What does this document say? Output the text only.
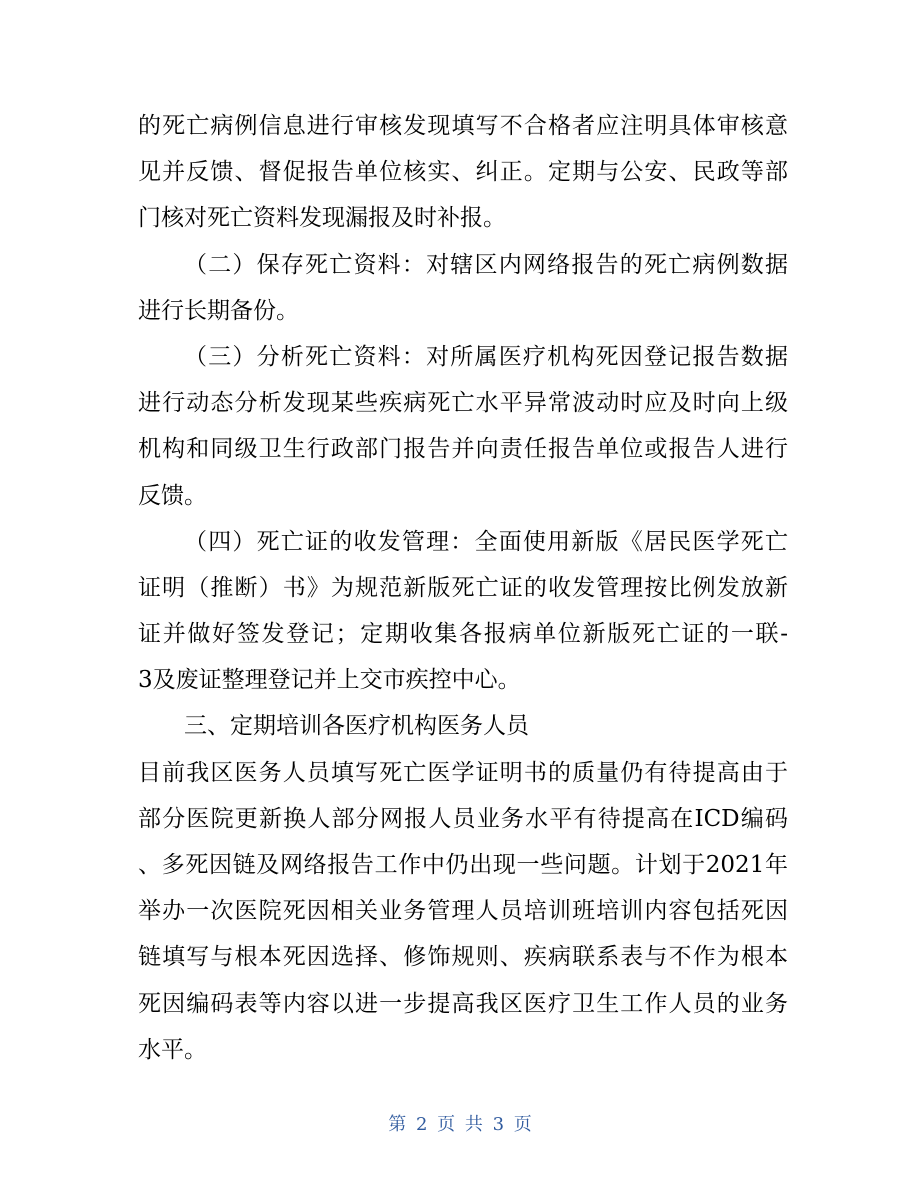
的死亡病例信息进行审核发现填写不合格者应注明具体审核意
见并反馈、督促报告单位核实、纠正。定期与公安、民政等部
门核对死亡资料发现漏报及时补报。
（二）保存死亡资料：对辖区内网络报告的死亡病例数据
进行长期备份。
（三）分析死亡资料：对所属医疗机构死因登记报告数据
进行动态分析发现某些疾病死亡水平异常波动时应及时向上级
机构和同级卫生行政部门报告并向责任报告单位或报告人进行
反馈。
（四）死亡证的收发管理：全面使用新版《居民医学死亡
证明（推断）书》为规范新版死亡证的收发管理按比例发放新
证并做好签发登记；定期收集各报病单位新版死亡证的一联-
3及废证整理登记并上交市疾控中心。
三、定期培训各医疗机构医务人员
目前我区医务人员填写死亡医学证明书的质量仍有待提高由于
部分医院更新换人部分网报人员业务水平有待提高在ICD编码
、多死因链及网络报告工作中仍出现一些问题。计划于2021年
举办一次医院死因相关业务管理人员培训班培训内容包括死因
链填写与根本死因选择、修饰规则、疾病联系表与不作为根本
死因编码表等内容以进一步提高我区医疗卫生工作人员的业务
水平。
第 2 页 共 3 页
